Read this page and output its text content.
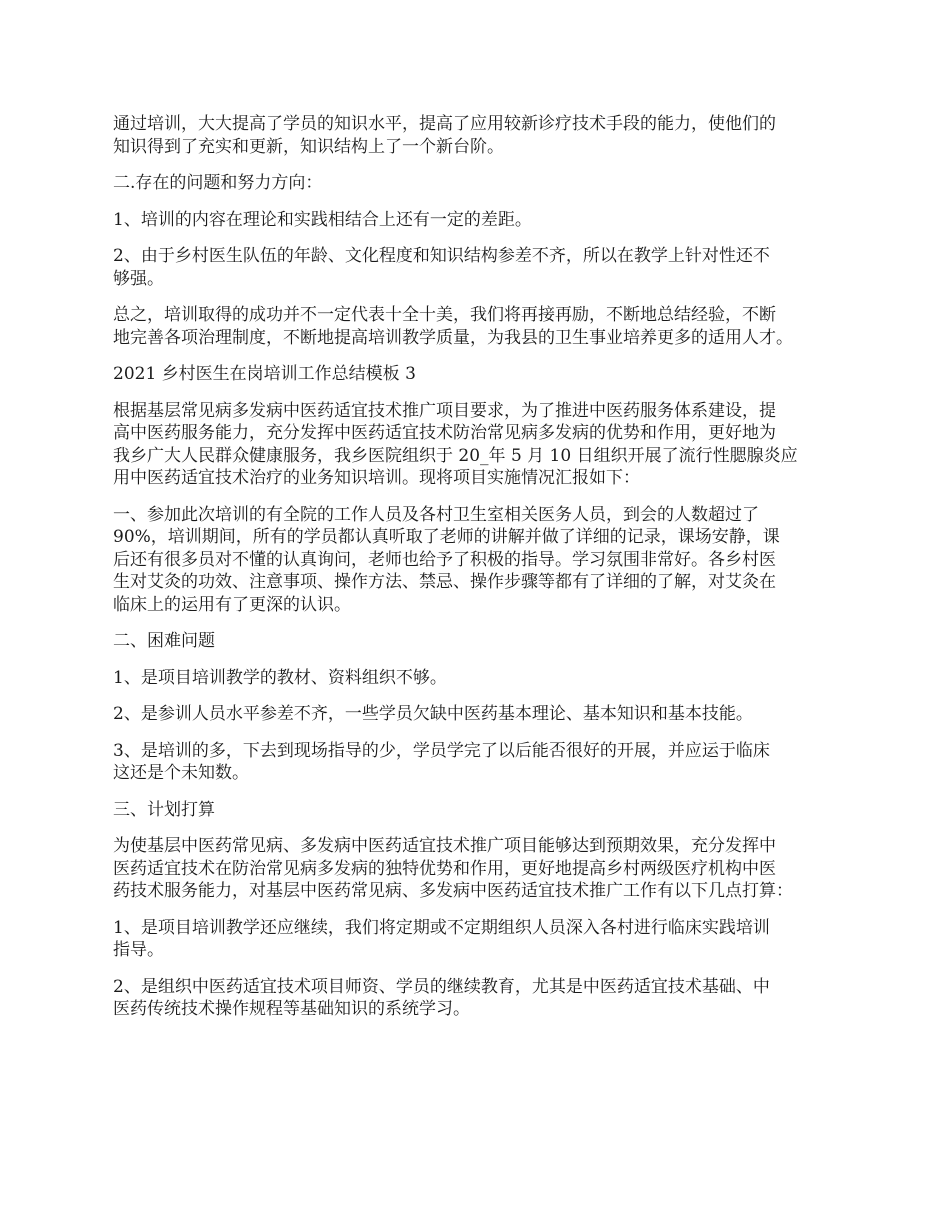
通过培训，大大提高了学员的知识水平，提高了应用较新诊疗技术手段的能力，使他们的
知识得到了充实和更新，知识结构上了一个新台阶。

二.存在的问题和努力方向：

1、培训的内容在理论和实践相结合上还有一定的差距。

2、由于乡村医生队伍的年龄、文化程度和知识结构参差不齐，所以在教学上针对性还不
够强。

总之，培训取得的成功并不一定代表十全十美，我们将再接再励，不断地总结经验，不断
地完善各项治理制度，不断地提高培训教学质量，为我县的卫生事业培养更多的适用人才。

2021 乡村医生在岗培训工作总结模板 3

根据基层常见病多发病中医药适宜技术推广项目要求，为了推进中医药服务体系建设，提
高中医药服务能力，充分发挥中医药适宜技术防治常见病多发病的优势和作用，更好地为
我乡广大人民群众健康服务，我乡医院组织于 20_年 5 月 10 日组织开展了流行性腮腺炎应
用中医药适宜技术治疗的业务知识培训。现将项目实施情况汇报如下：

一、参加此次培训的有全院的工作人员及各村卫生室相关医务人员，到会的人数超过了
90%，培训期间，所有的学员都认真听取了老师的讲解并做了详细的记录，课场安静，课
后还有很多员对不懂的认真询问，老师也给予了积极的指导。学习氛围非常好。各乡村医
生对艾灸的功效、注意事项、操作方法、禁忌、操作步骤等都有了详细的了解，对艾灸在
临床上的运用有了更深的认识。

二、困难问题

1、是项目培训教学的教材、资料组织不够。

2、是参训人员水平参差不齐，一些学员欠缺中医药基本理论、基本知识和基本技能。

3、是培训的多，下去到现场指导的少，学员学完了以后能否很好的开展，并应运于临床
这还是个未知数。

三、计划打算

为使基层中医药常见病、多发病中医药适宜技术推广项目能够达到预期效果，充分发挥中
医药适宜技术在防治常见病多发病的独特优势和作用，更好地提高乡村两级医疗机构中医
药技术服务能力，对基层中医药常见病、多发病中医药适宜技术推广工作有以下几点打算：

1、是项目培训教学还应继续，我们将定期或不定期组织人员深入各村进行临床实践培训
指导。

2、是组织中医药适宜技术项目师资、学员的继续教育，尤其是中医药适宜技术基础、中
医药传统技术操作规程等基础知识的系统学习。
